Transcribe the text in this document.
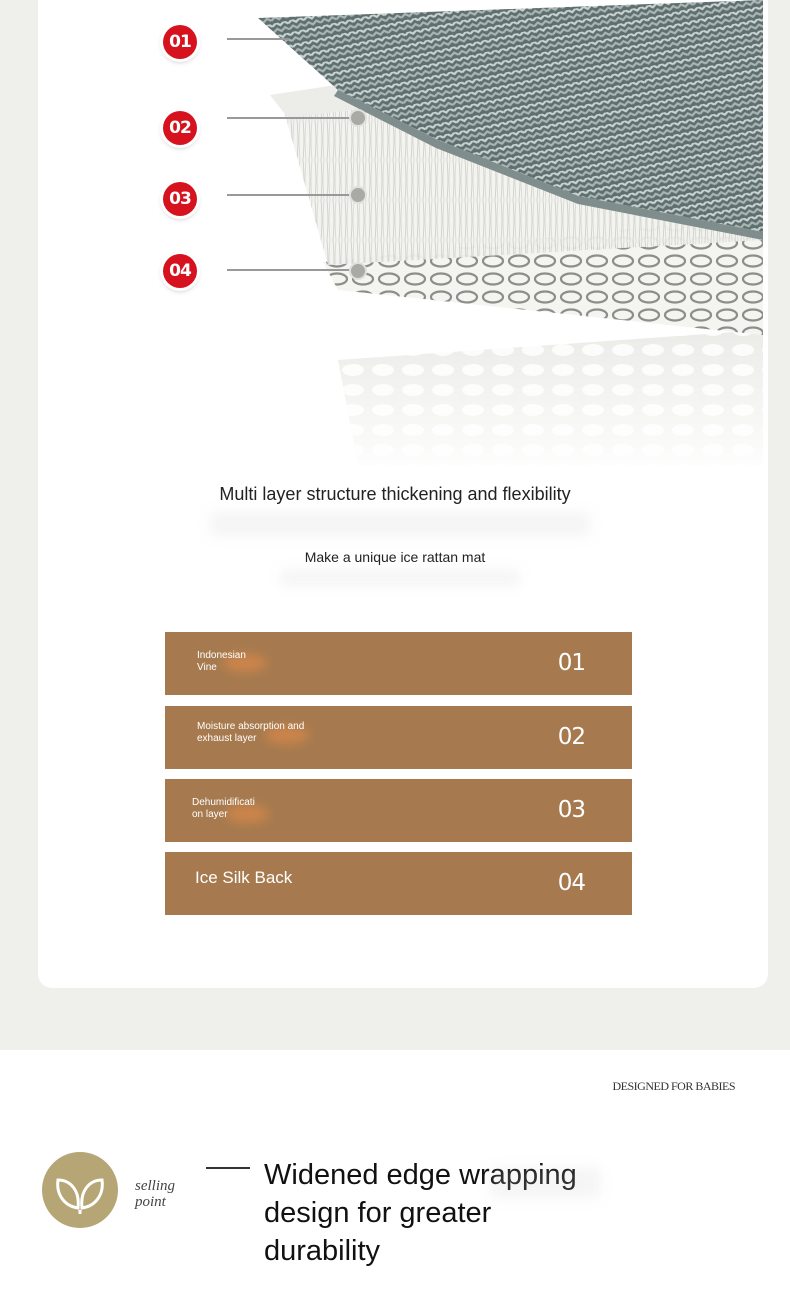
01
02
03
04
Multi layer structure thickening and flexibility
Make a unique ice rattan mat
Indonesian
Vine	01
Moisture absorption and
exhaust layer	02
Dehumidificati
on layer	03
Ice Silk Back	04
DESIGNED FOR BABIES
selling
point
Widened edge wrapping design for greater durability
